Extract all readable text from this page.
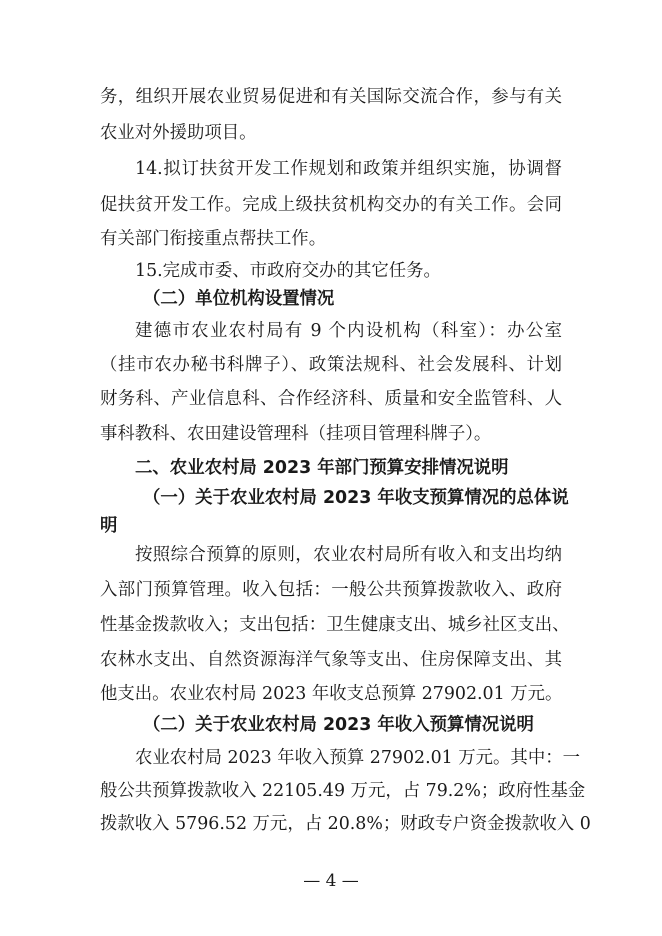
务，组织开展农业贸易促进和有关国际交流合作，参与有关
农业对外援助项目。
14.拟订扶贫开发工作规划和政策并组织实施，协调督
促扶贫开发工作。完成上级扶贫机构交办的有关工作。会同
有关部门衔接重点帮扶工作。
15.完成市委、市政府交办的其它任务。
（二）单位机构设置情况
建德市农业农村局有 9 个内设机构（科室）：办公室
（挂市农办秘书科牌子）、政策法规科、社会发展科、计划
财务科、产业信息科、合作经济科、质量和安全监管科、人
事科教科、农田建设管理科（挂项目管理科牌子）。
二、农业农村局 2023 年部门预算安排情况说明
（一）关于农业农村局 2023 年收支预算情况的总体说
明
按照综合预算的原则，农业农村局所有收入和支出均纳
入部门预算管理。收入包括：一般公共预算拨款收入、政府
性基金拨款收入；支出包括：卫生健康支出、城乡社区支出、
农林水支出、自然资源海洋气象等支出、住房保障支出、其
他支出。农业农村局 2023 年收支总预算 27902.01 万元。
（二）关于农业农村局 2023 年收入预算情况说明
农业农村局 2023 年收入预算 27902.01 万元。其中：一
般公共预算拨款收入 22105.49 万元，占 79.2%；政府性基金
拨款收入 5796.52 万元，占 20.8%；财政专户资金拨款收入 0
— 4 —
